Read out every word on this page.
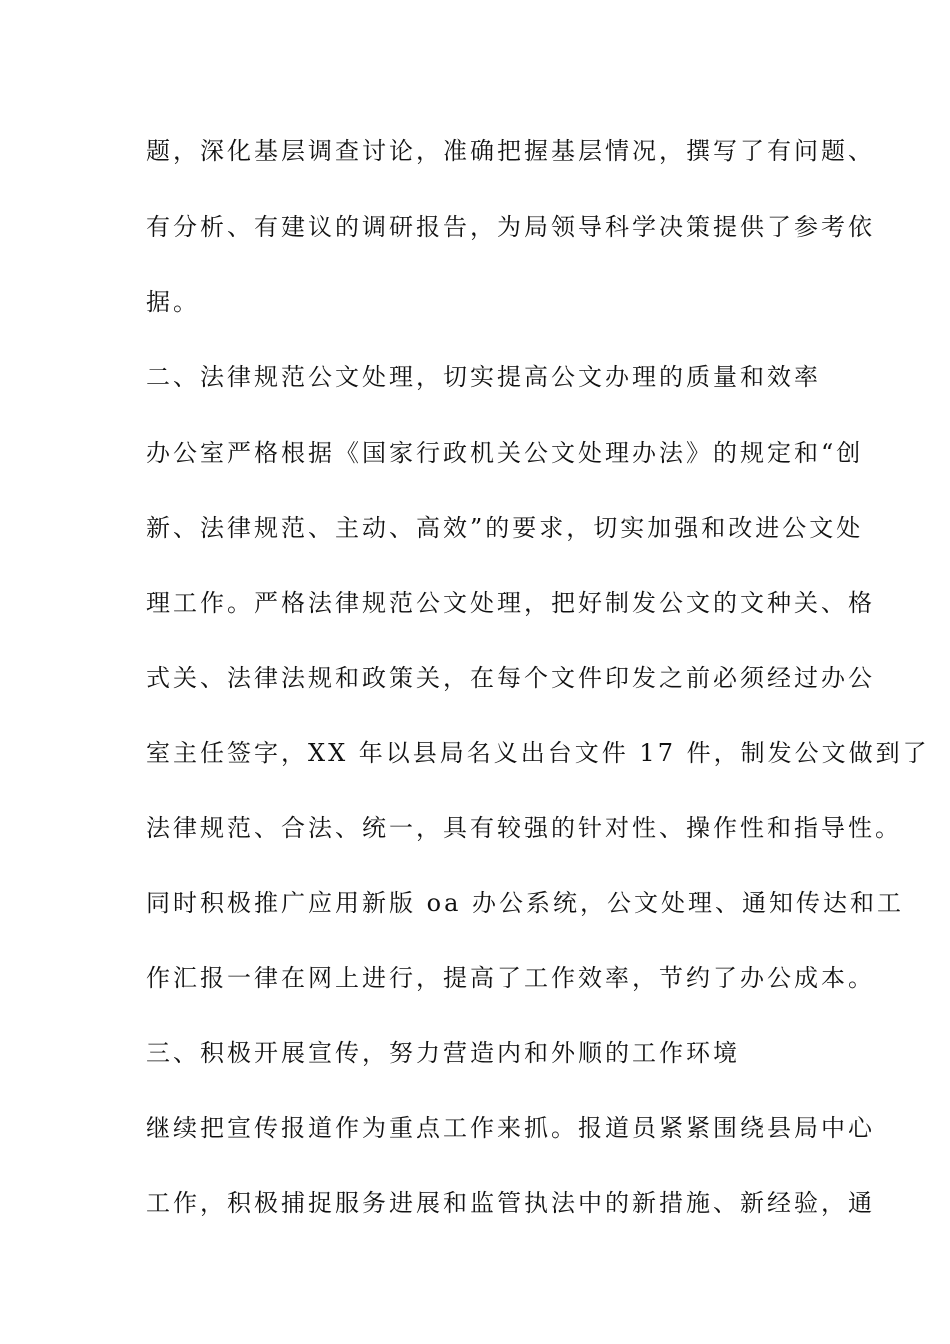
题，深化基层调查讨论，准确把握基层情况，撰写了有问题、
有分析、有建议的调研报告，为局领导科学决策提供了参考依
据。
二、法律规范公文处理，切实提高公文办理的质量和效率
办公室严格根据《国家行政机关公文处理办法》的规定和“创
新、法律规范、主动、高效”的要求，切实加强和改进公文处
理工作。严格法律规范公文处理，把好制发公文的文种关、格
式关、法律法规和政策关，在每个文件印发之前必须经过办公
室主任签字，XX 年以县局名义出台文件 17 件，制发公文做到了
法律规范、合法、统一，具有较强的针对性、操作性和指导性。
同时积极推广应用新版 oa 办公系统，公文处理、通知传达和工
作汇报一律在网上进行，提高了工作效率，节约了办公成本。
三、积极开展宣传，努力营造内和外顺的工作环境
继续把宣传报道作为重点工作来抓。报道员紧紧围绕县局中心
工作，积极捕捉服务进展和监管执法中的新措施、新经验，通
